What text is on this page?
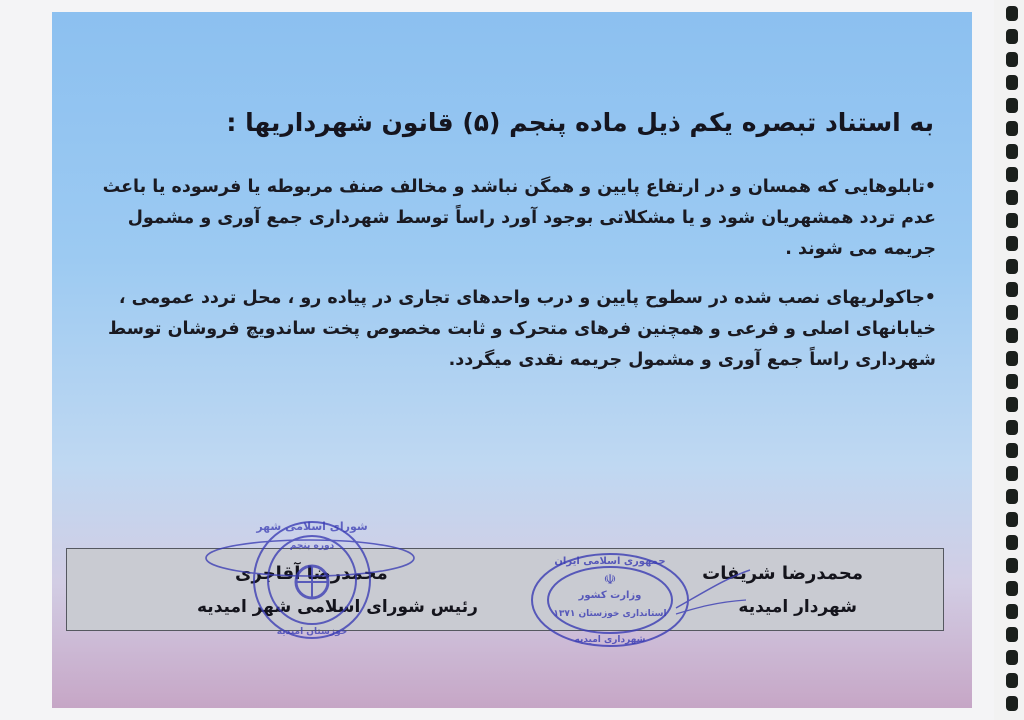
به استناد تبصره یکم ذیل ماده پنجم (۵) قانون شهرداریها :
•تابلوهایی که همسان و در ارتفاع پایین و همگن نباشد و مخالف صنف مربوطه یا فرسوده یا باعث عدم تردد همشهریان شود و یا مشکلاتی بوجود آورد راساً توسط شهرداری جمع آوری و مشمول جریمه می شوند .
•جاکولریهای نصب شده در سطوح پایین و درب واحدهای تجاری در پیاده رو ، محل تردد عمومی ، خیابانهای اصلی و فرعی و همچنین فرهای متحرک و ثابت مخصوص پخت ساندویچ فروشان توسط شهرداری راساً جمع آوری و مشمول جریمه نقدی میگردد.
محمدرضا شریفات
شهردار امیدیه
محمدرضا آقاجری
رئیس شورای اسلامی شهر امیدیه
شورای اسلامی شهر
دوره پنجم
خوزستان امیدیه
جمهوری اسلامی ایران
وزارت کشور
استانداری خوزستان ۱۳۷۱
شهرداری امیدیه
☫
